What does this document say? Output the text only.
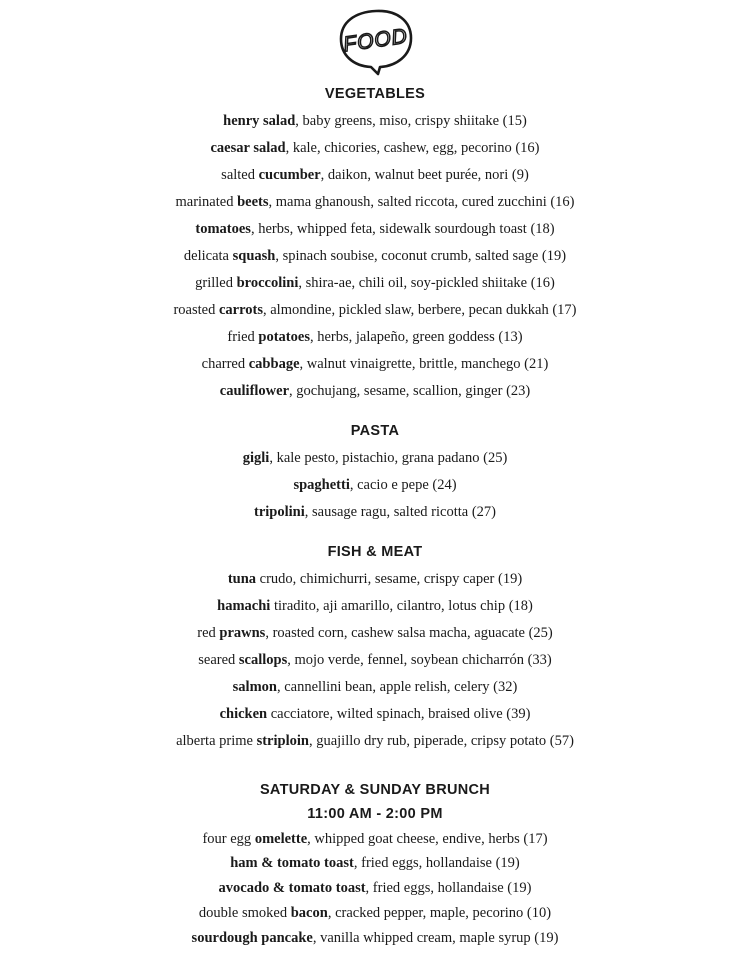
FOOD
VEGETABLES
henry salad, baby greens, miso, crispy shiitake (15)
caesar salad, kale, chicories, cashew, egg, pecorino (16)
salted cucumber, daikon, walnut beet purée, nori (9)
marinated beets, mama ghanoush, salted riccota, cured zucchini (16)
tomatoes, herbs, whipped feta, sidewalk sourdough toast (18)
delicata squash, spinach soubise, coconut crumb, salted sage (19)
grilled broccolini, shira-ae, chili oil, soy-pickled shiitake (16)
roasted carrots, almondine, pickled slaw, berbere, pecan dukkah (17)
fried potatoes, herbs, jalapeño, green goddess (13)
charred cabbage, walnut vinaigrette, brittle, manchego (21)
cauliflower, gochujang, sesame, scallion, ginger (23)
PASTA
gigli, kale pesto, pistachio, grana padano (25)
spaghetti, cacio e pepe (24)
tripolini, sausage ragu, salted ricotta (27)
FISH & MEAT
tuna crudo, chimichurri, sesame, crispy caper (19)
hamachi tiradito, aji amarillo, cilantro, lotus chip (18)
red prawns, roasted corn, cashew salsa macha, aguacate (25)
seared scallops, mojo verde, fennel, soybean chicharrón (33)
salmon, cannellini bean, apple relish, celery (32)
chicken cacciatore, wilted spinach, braised olive (39)
alberta prime striploin, guajillo dry rub, piperade, cripsy potato (57)
SATURDAY & SUNDAY BRUNCH
11:00 AM - 2:00 PM
four egg omelette, whipped goat cheese, endive, herbs (17)
ham & tomato toast, fried eggs, hollandaise (19)
avocado & tomato toast, fried eggs, hollandaise (19)
double smoked bacon, cracked pepper, maple, pecorino (10)
sourdough pancake, vanilla whipped cream, maple syrup (19)
